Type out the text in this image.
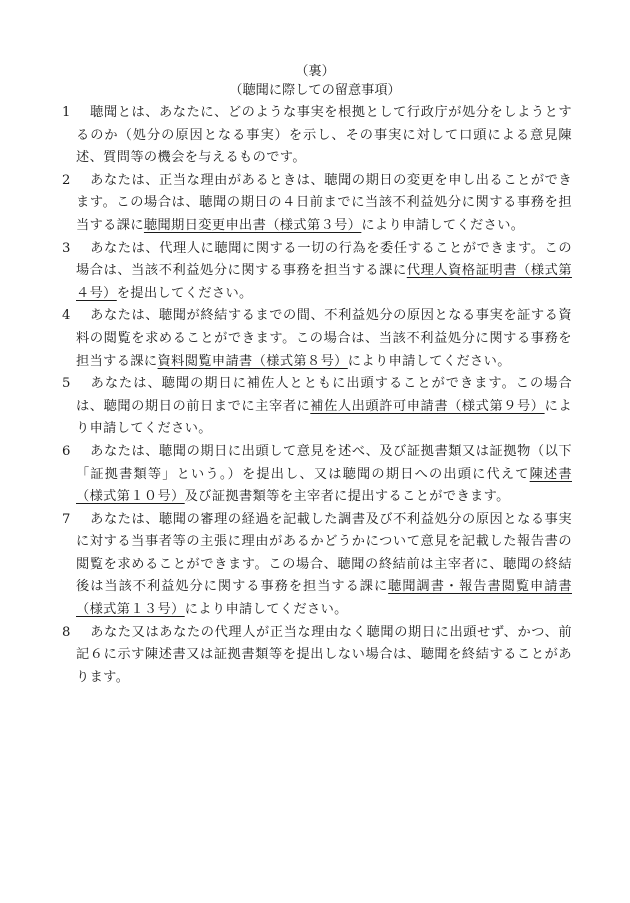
（裏）

（聴聞に際しての留意事項）

1	聴聞とは、あなたに、どのような事実を根拠として行政庁が処分をしようとするのか（処分の原因となる事実）を示し、その事実に対して口頭による意見陳述、質問等の機会を与えるものです。
2	あなたは、正当な理由があるときは、聴聞の期日の変更を申し出ることができます。この場合は、聴聞の期日の４日前までに当該不利益処分に関する事務を担当する課に聴聞期日変更申出書（様式第３号）により申請してください。
3	あなたは、代理人に聴聞に関する一切の行為を委任することができます。この場合は、当該不利益処分に関する事務を担当する課に代理人資格証明書（様式第４号）を提出してください。
4	あなたは、聴聞が終結するまでの間、不利益処分の原因となる事実を証する資料の閲覧を求めることができます。この場合は、当該不利益処分に関する事務を担当する課に資料閲覧申請書（様式第８号）により申請してください。
5	あなたは、聴聞の期日に補佐人とともに出頭することができます。この場合は、聴聞の期日の前日までに主宰者に補佐人出頭許可申請書（様式第９号）により申請してください。
6	あなたは、聴聞の期日に出頭して意見を述べ、及び証拠書類又は証拠物（以下「証拠書類等」という。）を提出し、又は聴聞の期日への出頭に代えて陳述書（様式第１０号）及び証拠書類等を主宰者に提出することができます。
7	あなたは、聴聞の審理の経過を記載した調書及び不利益処分の原因となる事実に対する当事者等の主張に理由があるかどうかについて意見を記載した報告書の閲覧を求めることができます。この場合、聴聞の終結前は主宰者に、聴聞の終結後は当該不利益処分に関する事務を担当する課に聴聞調書・報告書閲覧申請書（様式第１３号）により申請してください。
8	あなた又はあなたの代理人が正当な理由なく聴聞の期日に出頭せず、かつ、前記６に示す陳述書又は証拠書類等を提出しない場合は、聴聞を終結することがあります。
